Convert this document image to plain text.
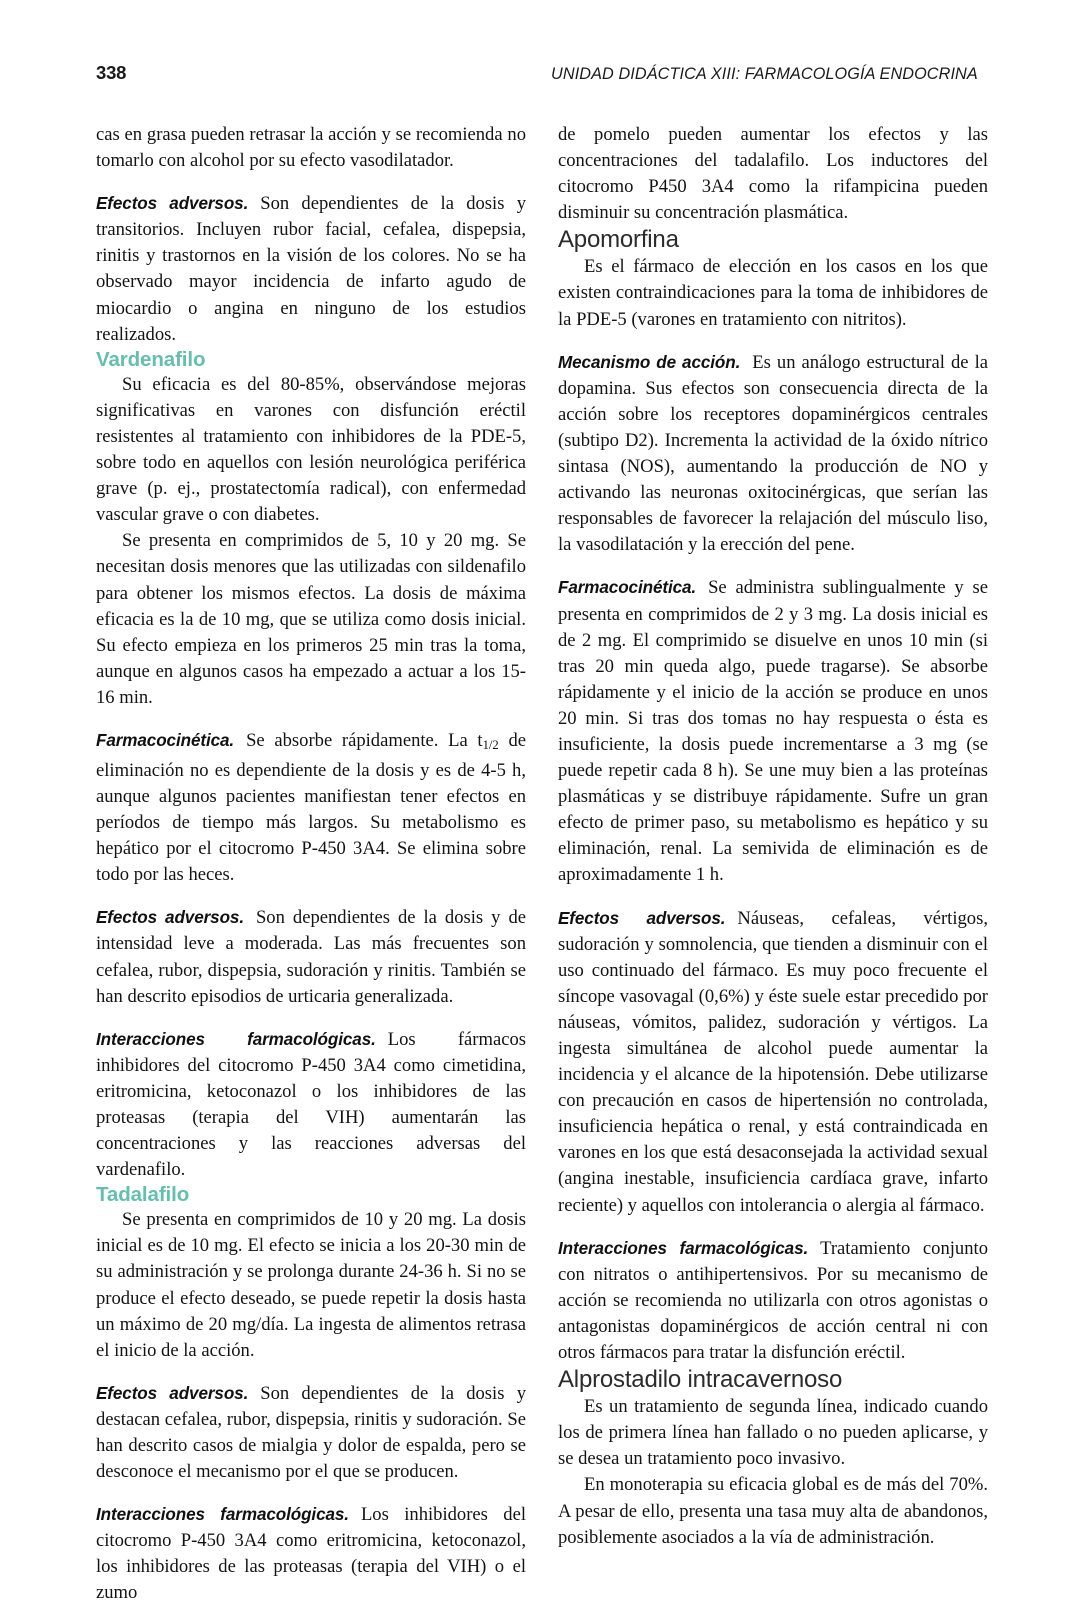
338	UNIDAD DIDÁCTICA XIII: FARMACOLOGÍA ENDOCRINA

cas en grasa pueden retrasar la acción y se recomienda no tomarlo con alcohol por su efecto vasodilatador.

Efectos adversos. Son dependientes de la dosis y transitorios. Incluyen rubor facial, cefalea, dispepsia, rinitis y trastornos en la visión de los colores. No se ha observado mayor incidencia de infarto agudo de miocardio o angina en ninguno de los estudios realizados.

Vardenafilo

Su eficacia es del 80-85%, observándose mejoras significativas en varones con disfunción eréctil resistentes al tratamiento con inhibidores de la PDE-5, sobre todo en aquellos con lesión neurológica periférica grave (p. ej., prostatectomía radical), con enfermedad vascular grave o con diabetes.

Se presenta en comprimidos de 5, 10 y 20 mg. Se necesitan dosis menores que las utilizadas con sildenafilo para obtener los mismos efectos. La dosis de máxima eficacia es la de 10 mg, que se utiliza como dosis inicial. Su efecto empieza en los primeros 25 min tras la toma, aunque en algunos casos ha empezado a actuar a los 15-16 min.

Farmacocinética. Se absorbe rápidamente. La $t_{1/2}$ de eliminación no es dependiente de la dosis y es de 4-5 h, aunque algunos pacientes manifiestan tener efectos en períodos de tiempo más largos. Su metabolismo es hepático por el citocromo P-450 3A4. Se elimina sobre todo por las heces.

Efectos adversos. Son dependientes de la dosis y de intensidad leve a moderada. Las más frecuentes son cefalea, rubor, dispepsia, sudoración y rinitis. También se han descrito episodios de urticaria generalizada.

Interacciones farmacológicas. Los fármacos inhibidores del citocromo P-450 3A4 como cimetidina, eritromicina, ketoconazol o los inhibidores de las proteasas (terapia del VIH) aumentarán las concentraciones y las reacciones adversas del vardenafilo.

Tadalafilo

Se presenta en comprimidos de 10 y 20 mg. La dosis inicial es de 10 mg. El efecto se inicia a los 20-30 min de su administración y se prolonga durante 24-36 h. Si no se produce el efecto deseado, se puede repetir la dosis hasta un máximo de 20 mg/día. La ingesta de alimentos retrasa el inicio de la acción.

Efectos adversos. Son dependientes de la dosis y destacan cefalea, rubor, dispepsia, rinitis y sudoración. Se han descrito casos de mialgia y dolor de espalda, pero se desconoce el mecanismo por el que se producen.

Interacciones farmacológicas. Los inhibidores del citocromo P-450 3A4 como eritromicina, ketoconazol, los inhibidores de las proteasas (terapia del VIH) o el zumo

de pomelo pueden aumentar los efectos y las concentraciones del tadalafilo. Los inductores del citocromo P450 3A4 como la rifampicina pueden disminuir su concentración plasmática.

Apomorfina

Es el fármaco de elección en los casos en los que existen contraindicaciones para la toma de inhibidores de la PDE-5 (varones en tratamiento con nitritos).

Mecanismo de acción. Es un análogo estructural de la dopamina. Sus efectos son consecuencia directa de la acción sobre los receptores dopaminérgicos centrales (subtipo D2). Incrementa la actividad de la óxido nítrico sintasa (NOS), aumentando la producción de NO y activando las neuronas oxitocinérgicas, que serían las responsables de favorecer la relajación del músculo liso, la vasodilatación y la erección del pene.

Farmacocinética. Se administra sublingualmente y se presenta en comprimidos de 2 y 3 mg. La dosis inicial es de 2 mg. El comprimido se disuelve en unos 10 min (si tras 20 min queda algo, puede tragarse). Se absorbe rápidamente y el inicio de la acción se produce en unos 20 min. Si tras dos tomas no hay respuesta o ésta es insuficiente, la dosis puede incrementarse a 3 mg (se puede repetir cada 8 h). Se une muy bien a las proteínas plasmáticas y se distribuye rápidamente. Sufre un gran efecto de primer paso, su metabolismo es hepático y su eliminación, renal. La semivida de eliminación es de aproximadamente 1 h.

Efectos adversos. Náuseas, cefaleas, vértigos, sudoración y somnolencia, que tienden a disminuir con el uso continuado del fármaco. Es muy poco frecuente el síncope vasovagal (0,6%) y éste suele estar precedido por náuseas, vómitos, palidez, sudoración y vértigos. La ingesta simultánea de alcohol puede aumentar la incidencia y el alcance de la hipotensión. Debe utilizarse con precaución en casos de hipertensión no controlada, insuficiencia hepática o renal, y está contraindicada en varones en los que está desaconsejada la actividad sexual (angina inestable, insuficiencia cardíaca grave, infarto reciente) y aquellos con intolerancia o alergia al fármaco.

Interacciones farmacológicas. Tratamiento conjunto con nitratos o antihipertensivos. Por su mecanismo de acción se recomienda no utilizarla con otros agonistas o antagonistas dopaminérgicos de acción central ni con otros fármacos para tratar la disfunción eréctil.

Alprostadilo intracavernoso

Es un tratamiento de segunda línea, indicado cuando los de primera línea han fallado o no pueden aplicarse, y se desea un tratamiento poco invasivo.

En monoterapia su eficacia global es de más del 70%. A pesar de ello, presenta una tasa muy alta de abandonos, posiblemente asociados a la vía de administración.
